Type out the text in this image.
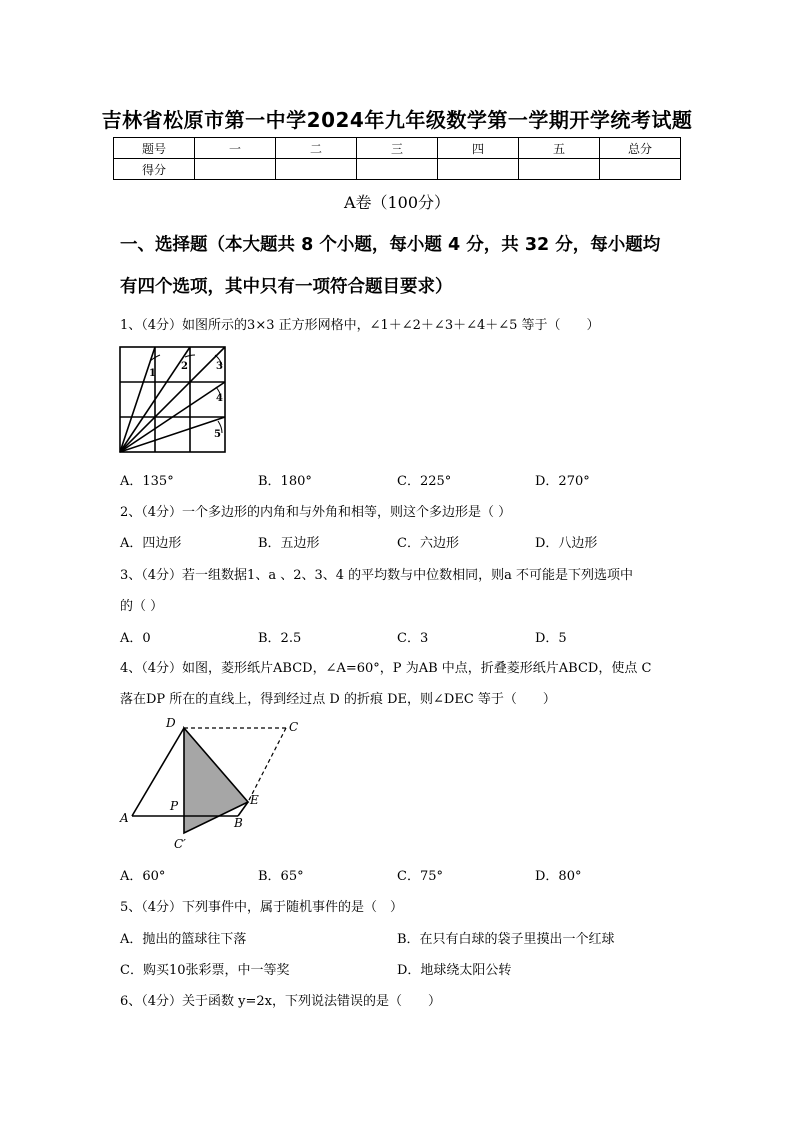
吉林省松原市第一中学2024年九年级数学第一学期开学统考试题
题号	一	二	三	四	五	总分
得分						
A卷（100分）
一、选择题（本大题共 8 个小题，每小题 4 分，共 32 分，每小题均
有四个选项，其中只有一项符合题目要求）
1、（4分）如图所示的3×3 正方形网格中，∠1＋∠2＋∠3＋∠4＋∠5 等于（　　）
1
2	3
4
5
A．135°	B．180°	C．225°	D．270°
2、（4分）一个多边形的内角和与外角和相等，则这个多边形是（ ）
A．四边形	B．五边形	C．六边形	D．八边形
3、（4分）若一组数据1、a 、2、3、4 的平均数与中位数相同，则a 不可能是下列选项中
的（ ）
A．0	B．2.5	C．3	D．5
4、（4分）如图，菱形纸片ABCD，∠A=60°，P 为AB 中点，折叠菱形纸片ABCD，使点 C
落在DP 所在的直线上，得到经过点 D 的折痕 DE，则∠DEC 等于（　　）
D	C
P	E
A	B
C′
A．60°	B．65°	C．75°	D．80°
5、（4分）下列事件中，属于随机事件的是（　）
A．抛出的篮球往下落	B．在只有白球的袋子里摸出一个红球
C．购买10张彩票，中一等奖	D．地球绕太阳公转
6、（4分）关于函数 y=2x，下列说法错误的是（　　）
